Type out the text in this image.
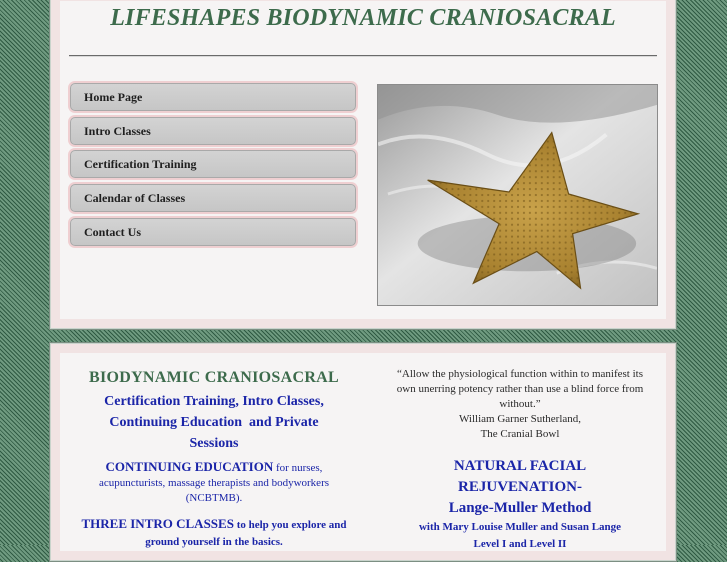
LIFESHAPES BIODYNAMIC CRANIOSACRAL
Home Page
Intro Classes
Certification Training
Calendar of Classes
Contact Us

BIODYNAMIC CRANIOSACRAL

Certification Training, Intro Classes,
Continuing Education and Private
Sessions

CONTINUING EDUCATION for nurses, acupuncturists, massage therapists and bodyworkers (NCBTMB).

THREE INTRO CLASSES to help you explore and ground yourself in the basics.

“Allow the physiological function within to manifest its own unerring potency rather than use a blind force from without.”
William Garner Sutherland,
The Cranial Bowl

NATURAL FACIAL
REJUVENATION-
Lange-Muller Method

with Mary Louise Muller and Susan Lange
Level I and Level II
